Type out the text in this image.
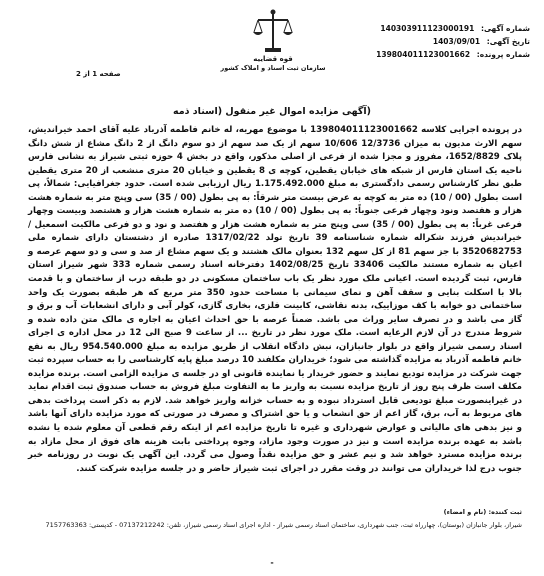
شماره آگهی: 140303911123000191
تاریخ آگهی: 1403/09/01
شماره پرونده: 139804011123001662
قوه قضاییه
سازمان ثبت اسناد و املاک کشور
صفحه 1 از 2
(آگهی مزایده اموال غیر منقول (اسناد ذمه
در پرونده اجرایی کلاسه 139804011123001662 با موضوع مهریه، له خانم فاطمه آذرباد علیه آقای احمد خیراندیش، سهم الارث مدیون به میزان 12/3736 10/606 سهم از یک صد سهم از دو سوم دانگ از 2 دانگ مشاع از شش دانگ پلاک 1652/8829، مفروز و مجزا شده از فرعی از اصلی مذکور، واقع در بخش 4 حوزه ثبتی شیراز به نشانی فارس ناحیه یک استان فارس از شبکه های خیابان یقطین، کوچه ی 8 یقطین و خیابان 20 متری منشعب از 20 متری یقطین طبق نظر کارشناس رسمی دادگستری به مبلغ 1.175.492.000 ریال ارزیابی شده است. حدود جغرافیایی: شمالاً، پی است بطول (00 / 10) ده متر به کوچه به عرض بیست متر شرقاً: به پی بطول (00 / 35) سی وپنج متر به شماره هشت هزار و هفتصد ونود وچهار فرعی جنوباً: به پی بطول (00 / 10) ده متر به شماره هشت هزار و هشتصد وبیست وچهار فرعی غرباً: به پی بطول (00 / 35) سی وپنج متر به شماره هشت هزار و هفتصد و نود و دو فرعی مالکیت اسمعیل / خیراندیش فرزند شکراله شماره شناسنامه 39 تاریخ تولد 1317/02/22 صادره از دشتستان دارای شماره ملی 3520682753 با جز سهم 81 از کل سهم 132 بعنوان مالک هشتند و یک سهم مشاع از صد و سی و دو سهم عرصه و اعیان به شماره مستند مالکیت 33406 تاریخ 1402/08/25 دفترخانه اسناد رسمی شماره 333 شهر شیراز استان فارس، ثبت گردیده است. اعیانی ملک مورد نظر یک باب ساختمان مسکونی در دو طبقه درب از ساختمان و با قدمت بالا با اسکلت بنایی و سقف آهن و نمای سیمانی با مساحت حدود 350 متر مربع که هر طبقه بصورت یک واحد ساختمانی دو خوابه با کف موزاییک، بدنه نقاشی، کابینت فلزی، بخاری گازی، کولر آبی و دارای انشعابات آب و برق و گاز می باشد و در تصرف سایر وراث می باشد. ضمناً عرصه با حق احداث اعیان به اجاره ی مالک متن داده شده و شروط مندرج در آن لازم الرعایه است. ملک مورد نظر در تاریخ ... از ساعت 9 صبح الی 12 در محل اداره ی اجرای اسناد رسمی شیراز واقع در بلوار جانبازان، نبش دادگاه انقلاب از طریق مزایده به مبلغ 954.540.000 ریال به نفع خانم فاطمه آذرباد به مزایده گذاشته می شود؛ خریداران مکلفند 10 درصد مبلغ پایه کارشناسی را به حساب سپرده ثبت جهت شرکت در مزایده تودیع نمایند و حضور خریدار یا نماینده قانونی او در جلسه ی مزایده الزامی است. برنده مزایده مکلف است ظرف پنج روز از تاریخ مزایده نسبت به واریز ما به التفاوت مبلغ فروش به حساب صندوق ثبت اقدام نماید در غیراینصورت مبلغ تودیعی قابل استرداد نبوده و به حساب خزانه واریز خواهد شد. لازم به ذکر است پرداخت بدهی های مربوط به آب، برق، گاز اعم از حق انشعاب و یا حق اشتراک و مصرف در صورتی که مورد مزایده دارای آنها باشد و نیز بدهی های مالیاتی و عوارض شهرداری و غیره تا تاریخ مزایده اعم از اینکه رقم قطعی آن معلوم شده یا نشده باشد به عهده برنده مزایده است و نیز در صورت وجود مازاد، وجوه پرداختی بابت هزینه های فوق از محل مازاد به برنده مزایده مسترد خواهد شد و نیم عشر و حق مزایده نقداً وصول می گردد. این آگهی یک نوبت در روزنامه خبر جنوب درج لذا خریداران می توانند در وقت مقرر در اجرای ثبت شیراز حاضر و در جلسه مزایده شرکت کنند.
ثبت کننده: (نام و امضاء)
شیراز، بلوار جانبازان (بوستان)، چهارراه ثبت، جنب شهرداری، ساختمان اسناد رسمی شیراز - اداره اجرای اسناد رسمی شیراز، تلفن: 07137212242 - کدپستی: 7157763363
-
